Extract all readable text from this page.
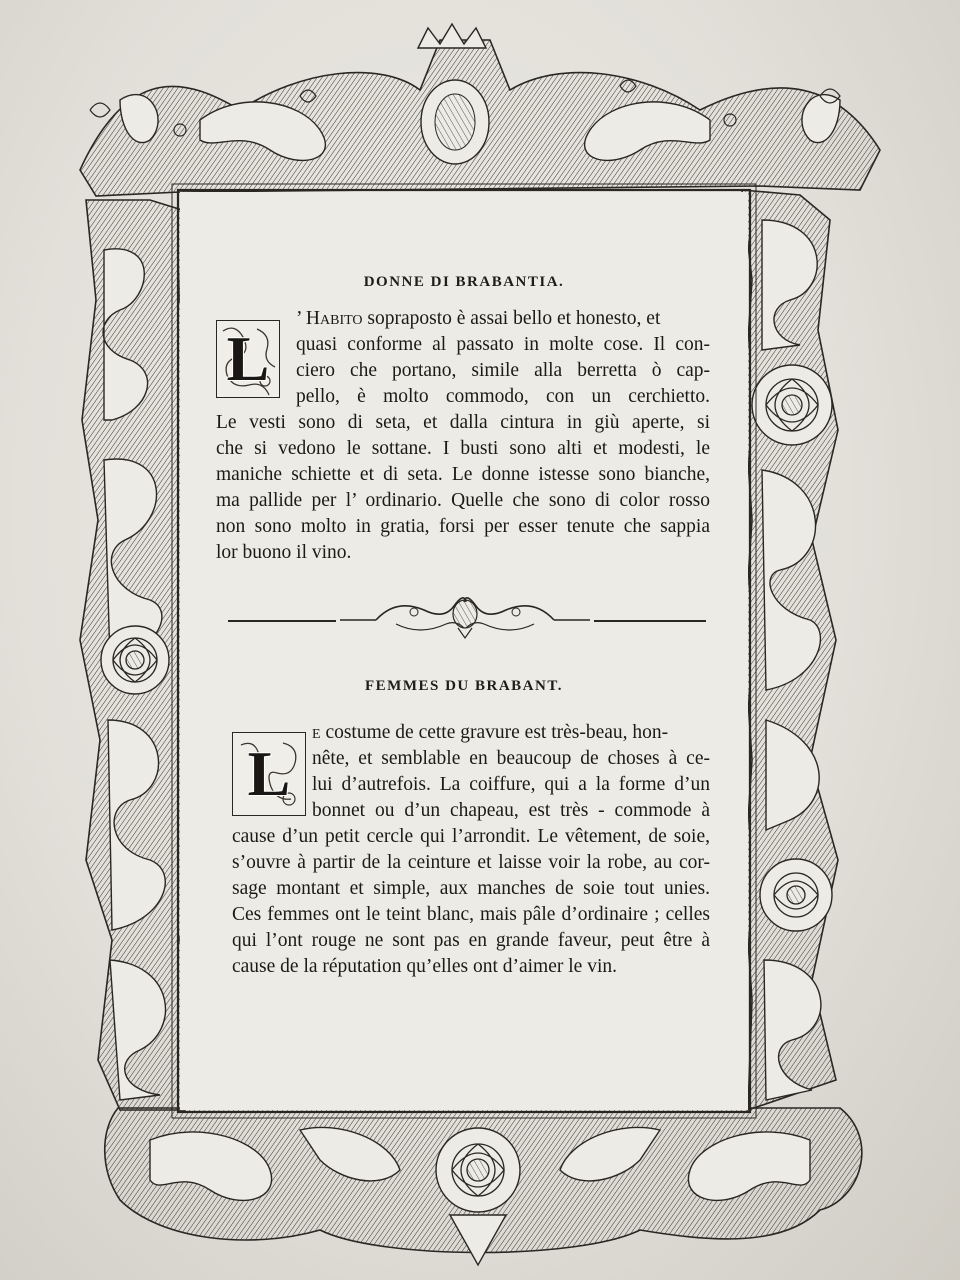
DONNE DI BRABANTIA.
L
’ Habito sopraposto è assai bello et honesto, et
quasi conforme al passato in molte cose. Il con-
ciero che portano, simile alla berretta ò cap-
pello, è molto commodo, con un cerchietto.
Le vesti sono di seta, et dalla cintura in giù aperte, si
che si vedono le sottane. I busti sono alti et modesti, le
maniche schiette et di seta. Le donne istesse sono bianche,
ma pallide per l’ ordinario. Quelle che sono di color rosso
non sono molto in gratia, forsi per esser tenute che sappia
lor buono il vino.
FEMMES DU BRABANT.
L
e costume de cette gravure est très-beau, hon-
nête, et semblable en beaucoup de choses à ce-
lui d’autrefois. La coiffure, qui a la forme d’un
bonnet ou d’un chapeau, est très - commode à
cause d’un petit cercle qui l’arrondit. Le vêtement, de soie,
s’ouvre à partir de la ceinture et laisse voir la robe, au cor-
sage montant et simple, aux manches de soie tout unies.
Ces femmes ont le teint blanc, mais pâle d’ordinaire ; celles
qui l’ont rouge ne sont pas en grande faveur, peut être à
cause de la réputation qu’elles ont d’aimer le vin.
